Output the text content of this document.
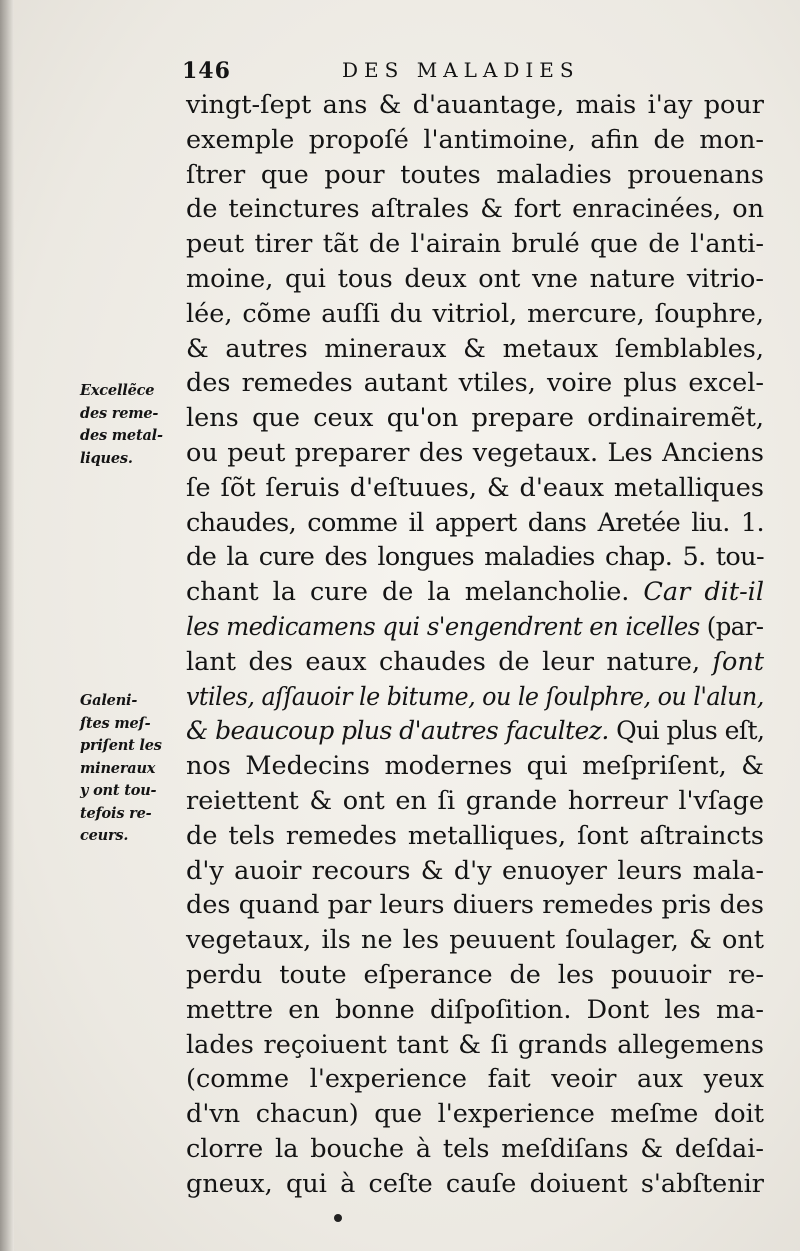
146	DES MALADIES
vingt-ſept ans & d'auantage, mais i'ay pour
exemple propoſé l'antimoine, afin de mon-
ſtrer que pour toutes maladies prouenans
de teinctures aſtrales & fort enracinées, on
peut tirer tãt de l'airain brulé que de l'anti-
moine, qui tous deux ont vne nature vitrio-
lée, cõme auſſi du vitriol, mercure, ſouphre,
& autres mineraux & metaux ſemblables,
des remedes autant vtiles, voire plus excel-
lens que ceux qu'on prepare ordinairemẽt,
ou peut preparer des vegetaux. Les Anciens
ſe ſõt ſeruis d'eſtuues, & d'eaux metalliques
chaudes, comme il appert dans Aretée liu. 1.
de la cure des longues maladies chap. 5. tou-
chant la cure de la melancholie. Car dit-il
les medicamens qui s'engendrent en icelles (par-
lant des eaux chaudes de leur nature, ſont
vtiles, aſſauoir le bitume, ou le ſoulphre, ou l'alun,
& beaucoup plus d'autres facultez. Qui plus eſt,
nos Medecins modernes qui meſpriſent, &
reiettent & ont en ſi grande horreur l'vſage
de tels remedes metalliques, ſont aſtraincts
d'y auoir recours & d'y enuoyer leurs mala-
des quand par leurs diuers remedes pris des
vegetaux, ils ne les peuuent ſoulager, & ont
perdu toute eſperance de les pouuoir re-
mettre en bonne diſpoſition. Dont les ma-
lades reçoiuent tant & ſi grands allegemens
(comme l'experience fait veoir aux yeux
d'vn chacun) que l'experience meſme doit
clorre la bouche à tels meſdiſans & deſdai-
gneux, qui à ceſte cauſe doiuent s'abſtenir
Excellẽce
des reme-
des metal-
liques.
Galeni-
ſtes meſ-
priſent les
mineraux
y ont tou-
tefois re-
ceurs.
